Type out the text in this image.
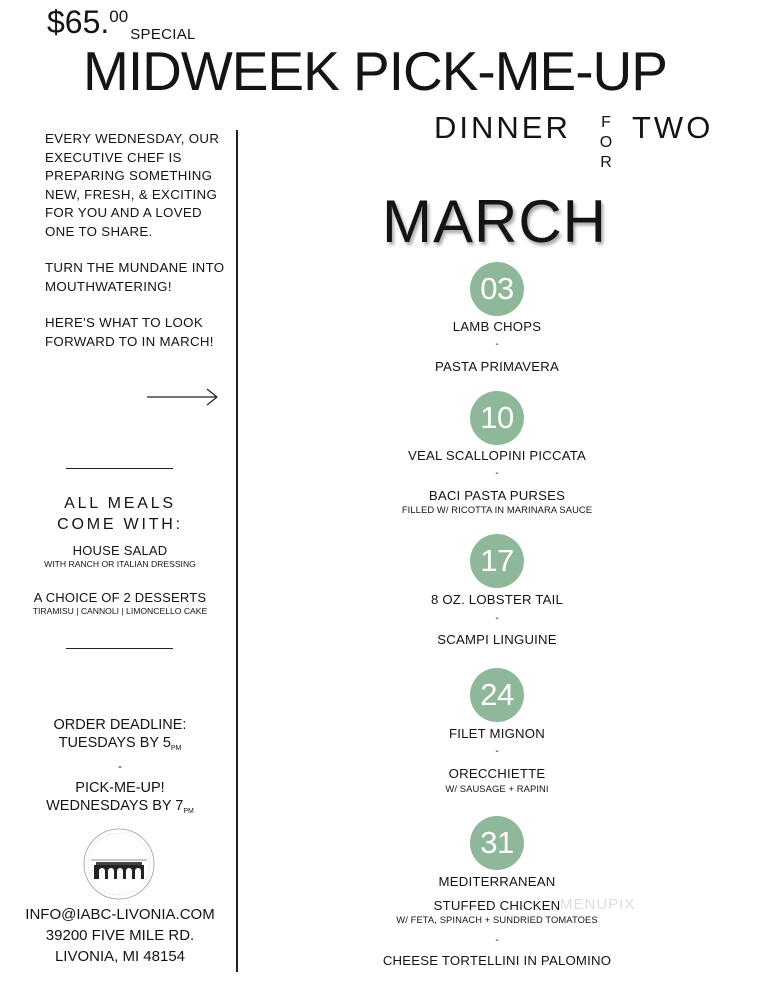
$65.00SPECIAL
MIDWEEK PICK-ME-UP
DINNER F
O
R
TWO
MARCH

EVERY WEDNESDAY, OUR EXECUTIVE CHEF IS PREPARING SOMETHING NEW, FRESH, & EXCITING FOR YOU AND A LOVED ONE TO SHARE.

TURN THE MUNDANE INTO MOUTHWATERING!

HERE'S WHAT TO LOOK FORWARD TO IN MARCH!

ALL MEALS
COME WITH:
HOUSE SALAD
WITH RANCH OR ITALIAN DRESSING
A CHOICE OF 2 DESSERTS
TIRAMISU | CANNOLI | LIMONCELLO CAKE
ORDER DEADLINE:
TUESDAYS BY $5_{PM}$
-
PICK-ME-UP!
WEDNESDAYS BY $7_{PM}$
INFO@IABC-LIVONIA.COM
39200 FIVE MILE RD.
LIVONIA, MI 48154
03
LAMB CHOPS
-
PASTA PRIMAVERA
10
VEAL SCALLOPINI PICCATA
-
BACI PASTA PURSES
FILLED W/ RICOTTA IN MARINARA SAUCE
17
8 OZ. LOBSTER TAIL
-
SCAMPI LINGUINE
24
FILET MIGNON
-
ORECCHIETTE
W/ SAUSAGE + RAPINI
31
MEDITERRANEAN
STUFFED CHICKEN
W/ FETA, SPINACH + SUNDRIED TOMATOES
-
CHEESE TORTELLINI IN PALOMINO
MENUPIX
